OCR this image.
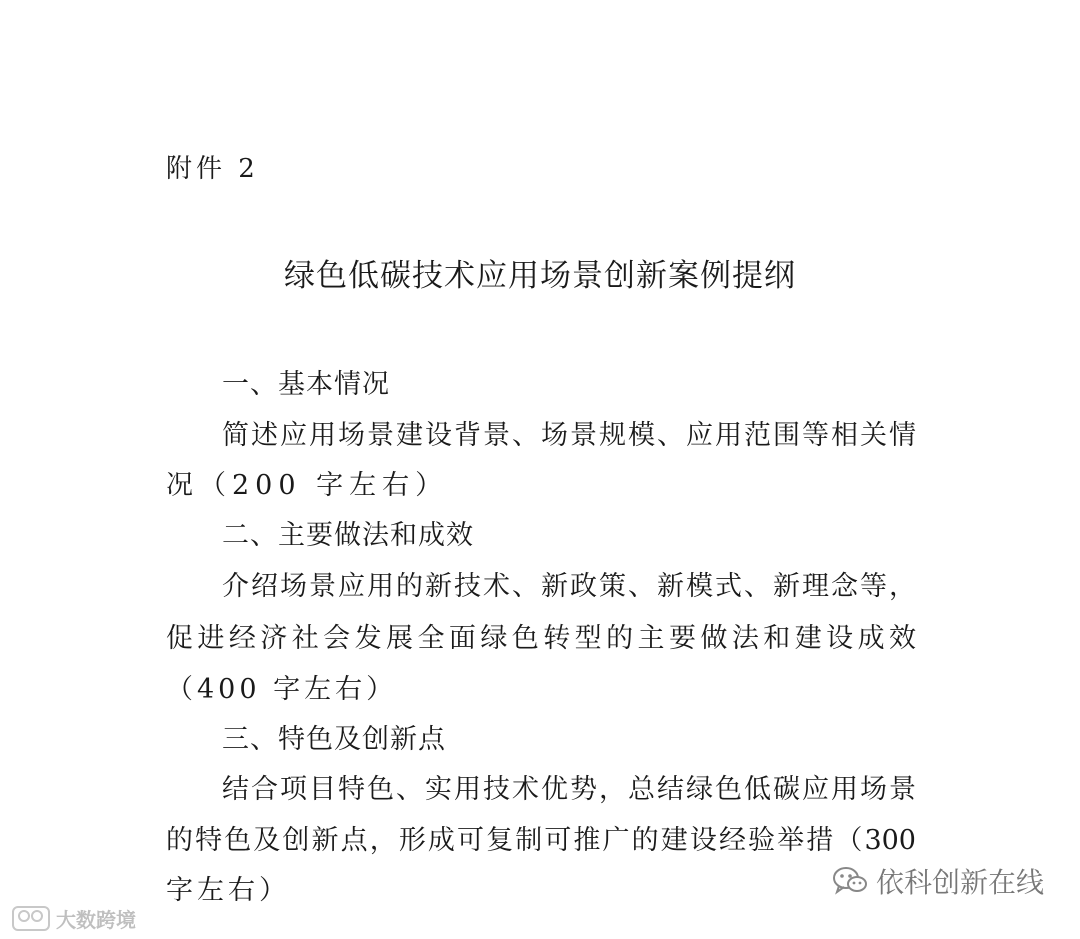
附件 2
绿色低碳技术应用场景创新案例提纲
一、基本情况
简述应用场景建设背景、场景规模、应用范围等相关情
况（200 字左右）
二、主要做法和成效
介绍场景应用的新技术、新政策、新模式、新理念等，
促进经济社会发展全面绿色转型的主要做法和建设成效
（400 字左右）
三、特色及创新点
结合项目特色、实用技术优势，总结绿色低碳应用场景
的特色及创新点，形成可复制可推广的建设经验举措（300
字左右）	依科创新在线
大数跨境
